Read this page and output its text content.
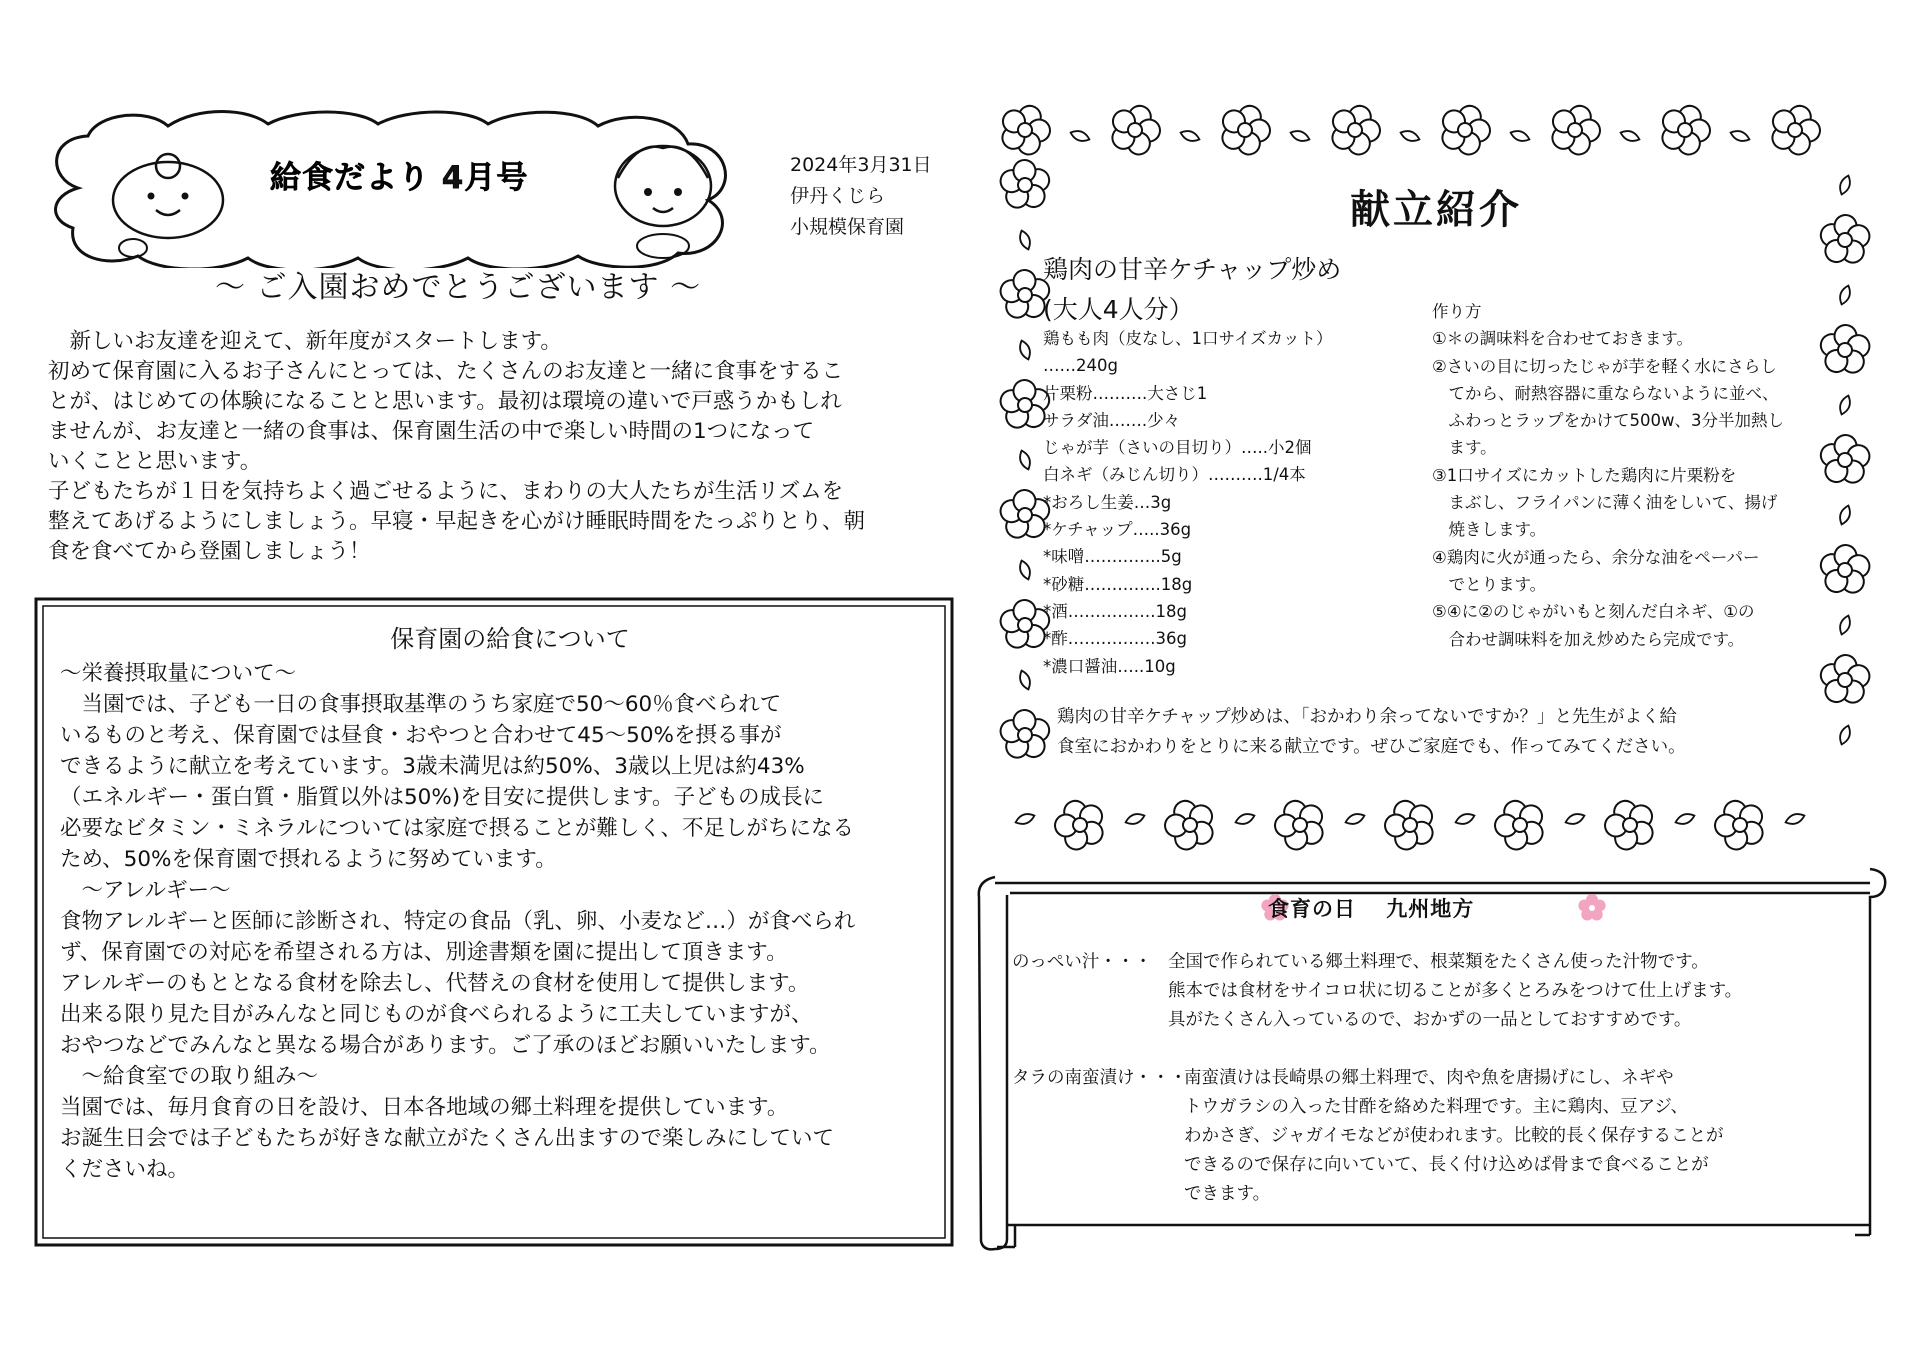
給食だより 4月号	2024年3月31日
伊丹くじら
小規模保育園
～ ご入園おめでとうございます ～
　新しいお友達を迎えて、新年度がスタートします。
初めて保育園に入るお子さんにとっては、たくさんのお友達と一緒に食事をするこ
とが、はじめての体験になることと思います。最初は環境の違いで戸惑うかもしれ
ませんが、お友達と一緒の食事は、保育園生活の中で楽しい時間の1つになって
いくことと思います。
子どもたちが１日を気持ちよく過ごせるように、まわりの大人たちが生活リズムを
整えてあげるようにしましょう。早寝・早起きを心がけ睡眠時間をたっぷりとり、朝
食を食べてから登園しましょう！
保育園の給食について
～栄養摂取量について～
　当園では、子ども一日の食事摂取基準のうち家庭で50～60％食べられて
いるものと考え、保育園では昼食・おやつと合わせて45～50%を摂る事が
できるように献立を考えています。3歳未満児は約50%、3歳以上児は約43%
（エネルギー・蛋白質・脂質以外は50%)を目安に提供します。子どもの成長に
必要なビタミン・ミネラルについては家庭で摂ることが難しく、不足しがちになる
ため、50%を保育園で摂れるように努めています。
　～アレルギー～
食物アレルギーと医師に診断され、特定の食品（乳、卵、小麦など…）が食べられ
ず、保育園での対応を希望される方は、別途書類を園に提出して頂きます。
アレルギーのもととなる食材を除去し、代替えの食材を使用して提供します。
出来る限り見た目がみんなと同じものが食べられるように工夫していますが、
おやつなどでみんなと異なる場合があります。ご了承のほどお願いいたします。
　～給食室での取り組み～
当園では、毎月食育の日を設け、日本各地域の郷土料理を提供しています。
お誕生日会では子どもたちが好きな献立がたくさん出ますので楽しみにしていて
くださいね。
献立紹介
鶏肉の甘辛ケチャップ炒め
(大人4人分）
鶏もも肉（皮なし、1口サイズカット）
……240g
片栗粉……….大さじ1
サラダ油…….少々
じゃが芋（さいの目切り）…..小2個
白ネギ（みじん切り）……….1/4本
*おろし生姜…3g
*ケチャップ…..36g
*味噌…………..5g
*砂糖…………..18g
*酒…………….18g
*酢…………….36g
*濃口醤油…..10g
作り方
①＊の調味料を合わせておきます。
②さいの目に切ったじゃが芋を軽く水にさらし
　てから、耐熱容器に重ならないように並べ、
　ふわっとラップをかけて500w、3分半加熱し
　ます。
③1口サイズにカットした鶏肉に片栗粉を
　まぶし、フライパンに薄く油をしいて、揚げ
　焼きします。
④鶏肉に火が通ったら、余分な油をペーパー
　でとります。
⑤④に②のじゃがいもと刻んだ白ネギ、①の
　合わせ調味料を加え炒めたら完成です。
鶏肉の甘辛ケチャップ炒めは、「おかわり余ってないですか？」と先生がよく給
食室におかわりをとりに来る献立です。ぜひご家庭でも、作ってみてください。
食育の日　 九州地方
のっぺい汁・・・ 全国で作られている郷土料理で、根菜類をたくさん使った汁物です。
熊本では食材をサイコロ状に切ることが多くとろみをつけて仕上げます。
具がたくさん入っているので、おかずの一品としておすすめです。
タラの南蛮漬け・・・
南蛮漬けは長崎県の郷土料理で、肉や魚を唐揚げにし、ネギや
トウガラシの入った甘酢を絡めた料理です。主に鶏肉、豆アジ、
わかさぎ、ジャガイモなどが使われます。比較的長く保存することが
できるので保存に向いていて、長く付け込めば骨まで食べることが
できます。
